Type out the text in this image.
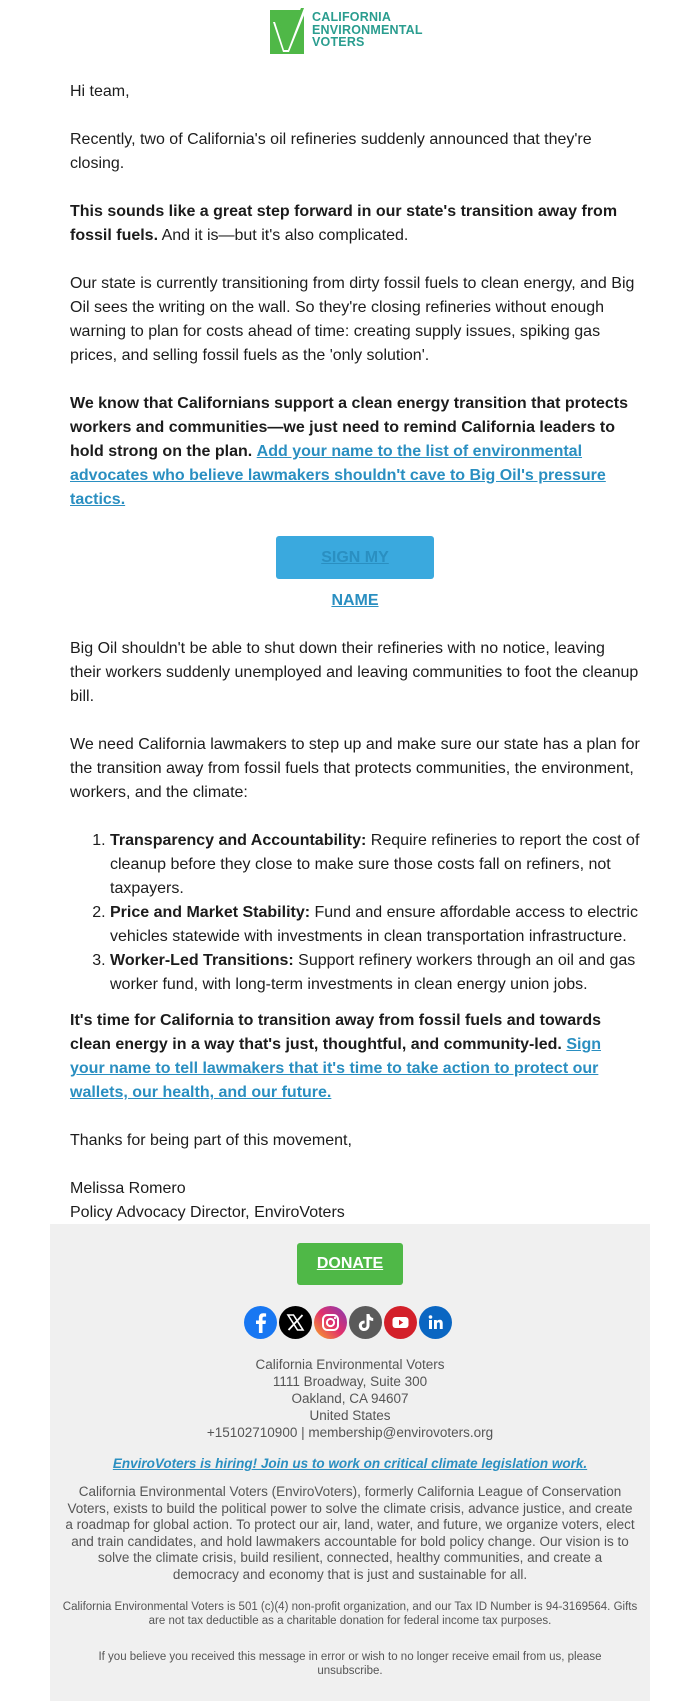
CALIFORNIA
ENVIRONMENTAL
VOTERS

Hi team,

Recently, two of California's oil refineries suddenly announced that they're closing.

This sounds like a great step forward in our state's transition away from fossil fuels. And it is—but it's also complicated.

Our state is currently transitioning from dirty fossil fuels to clean energy, and Big Oil sees the writing on the wall. So they're closing refineries without enough warning to plan for costs ahead of time: creating supply issues, spiking gas prices, and selling fossil fuels as the 'only solution'.

We know that Californians support a clean energy transition that protects workers and communities—we just need to remind California leaders to hold strong on the plan. Add your name to the list of environmental advocates who believe lawmakers shouldn't cave to Big Oil's pressure tactics.

SIGN MY NAME

Big Oil shouldn't be able to shut down their refineries with no notice, leaving their workers suddenly unemployed and leaving communities to foot the cleanup bill.

We need California lawmakers to step up and make sure our state has a plan for the transition away from fossil fuels that protects communities, the environment, workers, and the climate:

1. Transparency and Accountability: Require refineries to report the cost of cleanup before they close to make sure those costs fall on refiners, not taxpayers.
2. Price and Market Stability: Fund and ensure affordable access to electric vehicles statewide with investments in clean transportation infrastructure.
3. Worker-Led Transitions: Support refinery workers through an oil and gas worker fund, with long-term investments in clean energy union jobs.

It's time for California to transition away from fossil fuels and towards clean energy in a way that's just, thoughtful, and community-led. Sign your name to tell lawmakers that it's time to take action to protect our wallets, our health, and our future.

Thanks for being part of this movement,

Melissa Romero

Policy Advocacy Director, EnviroVoters

DONATE
California Environmental Voters
1111 Broadway, Suite 300
Oakland, CA 94607
United States
+15102710900 | membership@envirovoters.org
EnviroVoters is hiring! Join us to work on critical climate legislation work.
California Environmental Voters (EnviroVoters), formerly California League of Conservation Voters, exists to build the political power to solve the climate crisis, advance justice, and create a roadmap for global action. To protect our air, land, water, and future, we organize voters, elect and train candidates, and hold lawmakers accountable for bold policy change. Our vision is to solve the climate crisis, build resilient, connected, healthy communities, and create a democracy and economy that is just and sustainable for all.
California Environmental Voters is 501 (c)(4) non-profit organization, and our Tax ID Number is 94-3169564. Gifts are not tax deductible as a charitable donation for federal income tax purposes.
If you believe you received this message in error or wish to no longer receive email from us, please unsubscribe.
